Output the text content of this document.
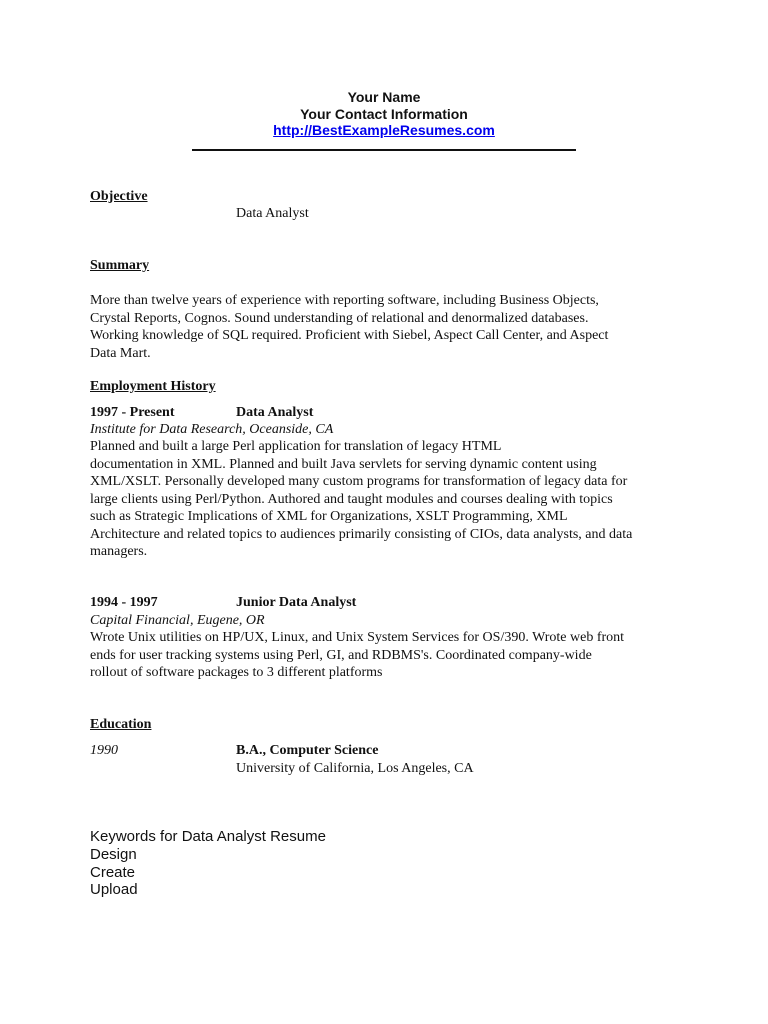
Your Name
Your Contact Information
http://BestExampleResumes.com
Objective
Data Analyst
Summary
More than twelve years of experience with reporting software, including Business Objects,
Crystal Reports, Cognos. Sound understanding of relational and denormalized databases.
Working knowledge of SQL required. Proficient with Siebel, Aspect Call Center, and Aspect
Data Mart.
Employment History
1997 - Present	Data Analyst
Institute for Data Research, Oceanside, CA
Planned and built a large Perl application for translation of legacy HTML
documentation in XML. Planned and built Java servlets for serving dynamic content using
XML/XSLT. Personally developed many custom programs for transformation of legacy data for
large clients using Perl/Python. Authored and taught modules and courses dealing with topics
such as Strategic Implications of XML for Organizations, XSLT Programming, XML
Architecture and related topics to audiences primarily consisting of CIOs, data analysts, and data
managers.
1994 - 1997	Junior Data Analyst
Capital Financial, Eugene, OR
Wrote Unix utilities on HP/UX, Linux, and Unix System Services for OS/390. Wrote web front
ends for user tracking systems using Perl, GI, and RDBMS's. Coordinated company-wide
rollout of software packages to 3 different platforms
Education
1990	B.A., Computer Science
University of California, Los Angeles, CA
Keywords for Data Analyst Resume
Design
Create
Upload
